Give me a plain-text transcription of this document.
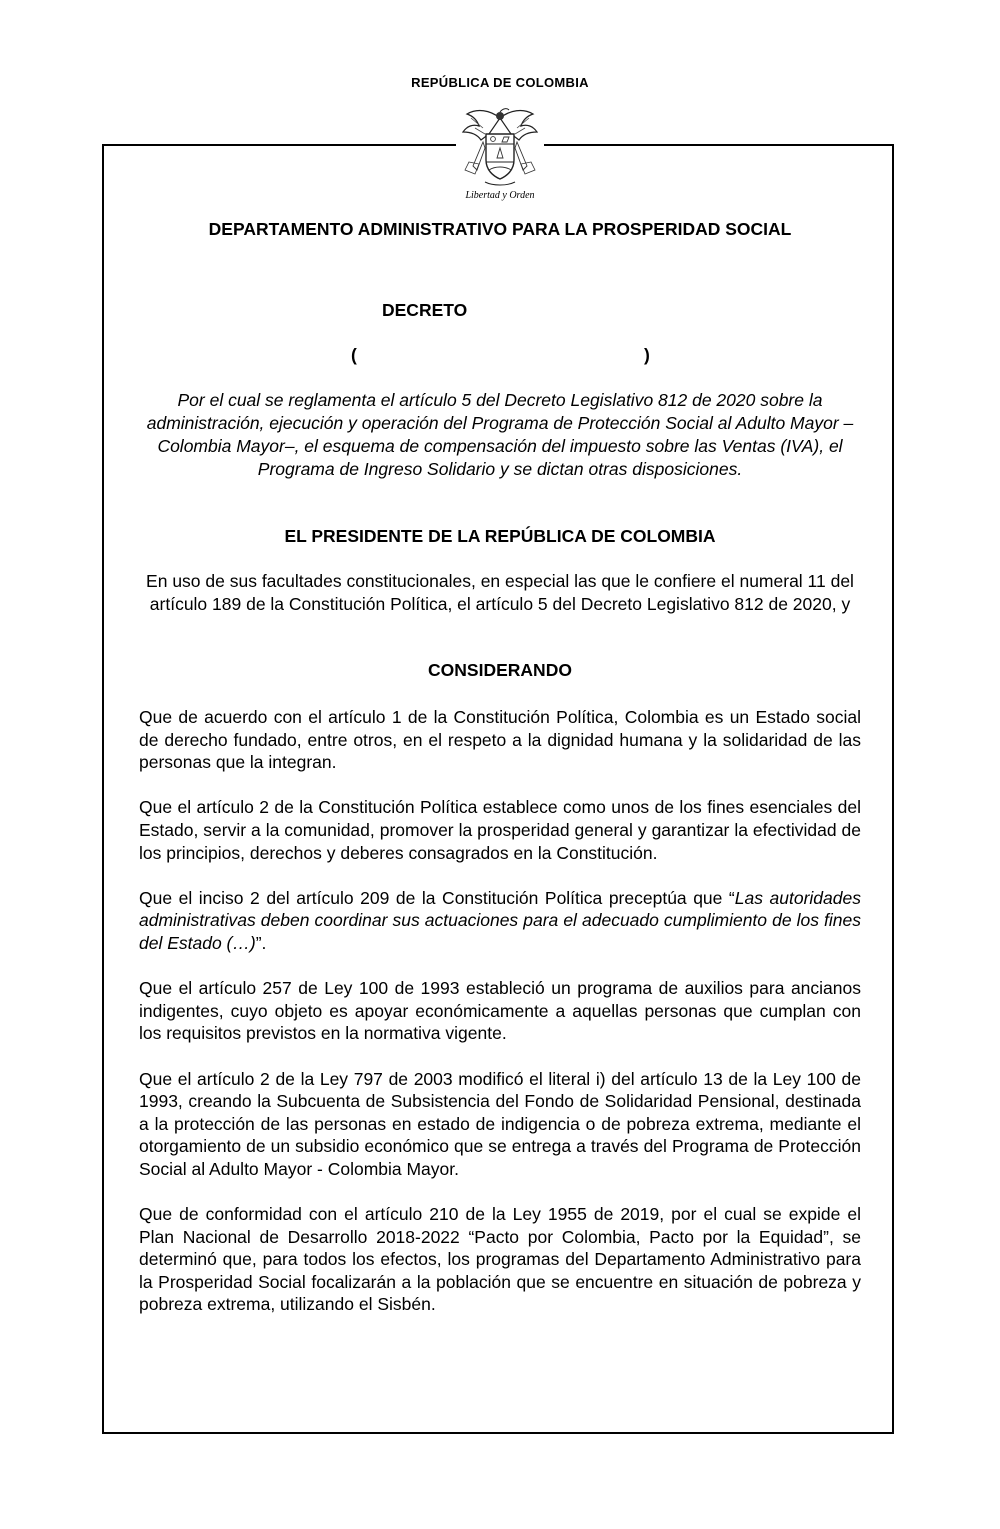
REPÚBLICA DE COLOMBIA
Libertad y Orden
DEPARTAMENTO ADMINISTRATIVO PARA LA PROSPERIDAD SOCIAL
DECRETO
(	)
Por el cual se reglamenta el artículo 5 del Decreto Legislativo 812 de 2020 sobre la administración, ejecución y operación del Programa de Protección Social al Adulto Mayor – Colombia Mayor–, el esquema de compensación del impuesto sobre las Ventas (IVA), el Programa de Ingreso Solidario y se dictan otras disposiciones.
EL PRESIDENTE DE LA REPÚBLICA DE COLOMBIA
En uso de sus facultades constitucionales, en especial las que le confiere el numeral 11 del artículo 189 de la Constitución Política, el artículo 5 del Decreto Legislativo 812 de 2020, y
CONSIDERANDO

Que de acuerdo con el artículo 1 de la Constitución Política, Colombia es un Estado social de derecho fundado, entre otros, en el respeto a la dignidad humana y la solidaridad de las personas que la integran.

Que el artículo 2 de la Constitución Política establece como unos de los fines esenciales del Estado, servir a la comunidad, promover la prosperidad general y garantizar la efectividad de los principios, derechos y deberes consagrados en la Constitución.

Que el inciso 2 del artículo 209 de la Constitución Política preceptúa que “Las autoridades administrativas deben coordinar sus actuaciones para el adecuado cumplimiento de los fines del Estado (…)”.

Que el artículo 257 de Ley 100 de 1993 estableció un programa de auxilios para ancianos indigentes, cuyo objeto es apoyar económicamente a aquellas personas que cumplan con los requisitos previstos en la normativa vigente.

Que el artículo 2 de la Ley 797 de 2003 modificó el literal i) del artículo 13 de la Ley 100 de 1993, creando la Subcuenta de Subsistencia del Fondo de Solidaridad Pensional, destinada a la protección de las personas en estado de indigencia o de pobreza extrema, mediante el otorgamiento de un subsidio económico que se entrega a través del Programa de Protección Social al Adulto Mayor - Colombia Mayor.

Que de conformidad con el artículo 210 de la Ley 1955 de 2019, por el cual se expide el Plan Nacional de Desarrollo 2018-2022 “Pacto por Colombia, Pacto por la Equidad”, se determinó que, para todos los efectos, los programas del Departamento Administrativo para la Prosperidad Social focalizarán a la población que se encuentre en situación de pobreza y pobreza extrema, utilizando el Sisbén.
